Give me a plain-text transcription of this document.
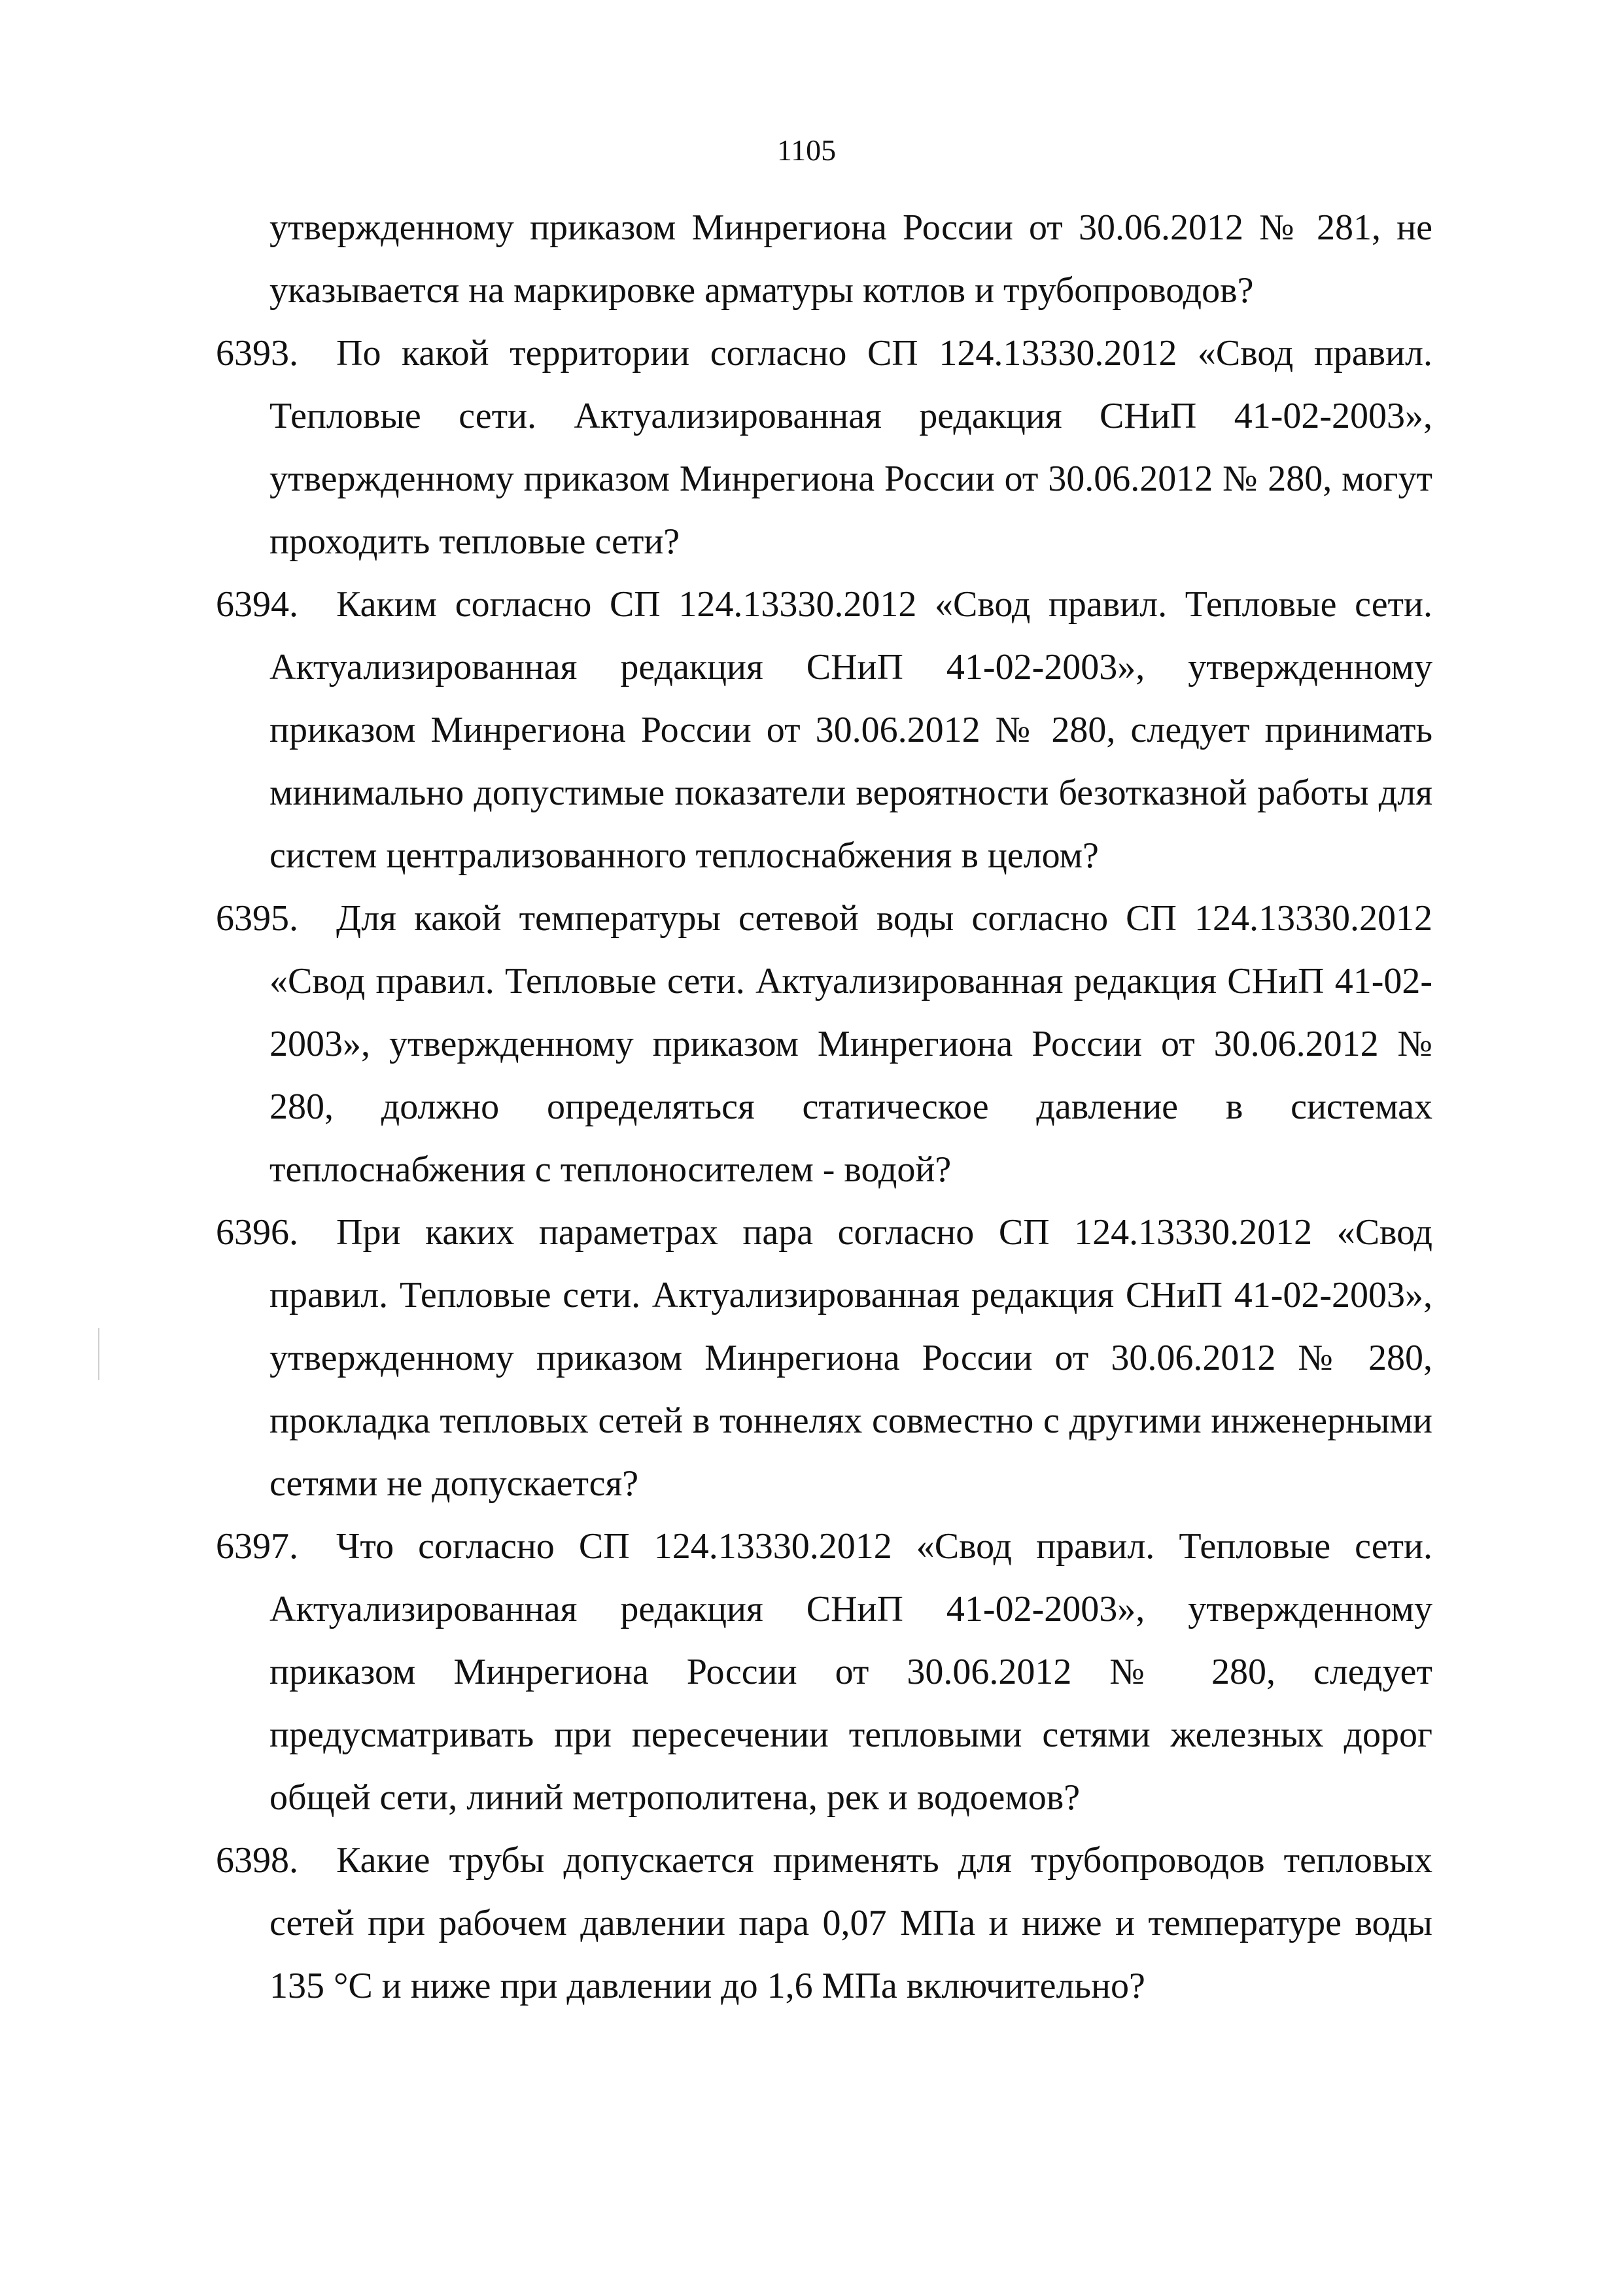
1105
утвержденному приказом Минрегиона России от 30.06.2012 № 281, не указывается на маркировке арматуры котлов и трубопроводов?
6393.	По какой территории согласно СП 124.13330.2012 «Свод правил. Тепловые сети. Актуализированная редакция СНиП 41-02-2003», утвержденному приказом Минрегиона России от 30.06.2012 № 280, могут проходить тепловые сети?
6394.	Каким согласно СП 124.13330.2012 «Свод правил. Тепловые сети. Актуализированная редакция СНиП 41-02-2003», утвержденному приказом Минрегиона России от 30.06.2012 № 280, следует принимать минимально допустимые показатели вероятности безотказной работы для систем централизованного теплоснабжения в целом?
6395.	Для какой температуры сетевой воды согласно СП 124.13330.2012 «Свод правил. Тепловые сети. Актуализированная редакция СНиП 41-02-2003», утвержденному приказом Минрегиона России от 30.06.2012 № 280, должно определяться статическое давление в системах теплоснабжения с теплоносителем - водой?
6396.	При каких параметрах пара согласно СП 124.13330.2012 «Свод правил. Тепловые сети. Актуализированная редакция СНиП 41-02-2003», утвержденному приказом Минрегиона России от 30.06.2012 № 280, прокладка тепловых сетей в тоннелях совместно с другими инженерными сетями не допускается?
6397.	Что согласно СП 124.13330.2012 «Свод правил. Тепловые сети. Актуализированная редакция СНиП 41-02-2003», утвержденному приказом Минрегиона России от 30.06.2012 № 280, следует предусматривать при пересечении тепловыми сетями железных дорог общей сети, линий метрополитена, рек и водоемов?
6398.	Какие трубы допускается применять для трубопроводов тепловых сетей при рабочем давлении пара 0,07 МПа и ниже и температуре воды 135 °С и ниже при давлении до 1,6 МПа включительно?
